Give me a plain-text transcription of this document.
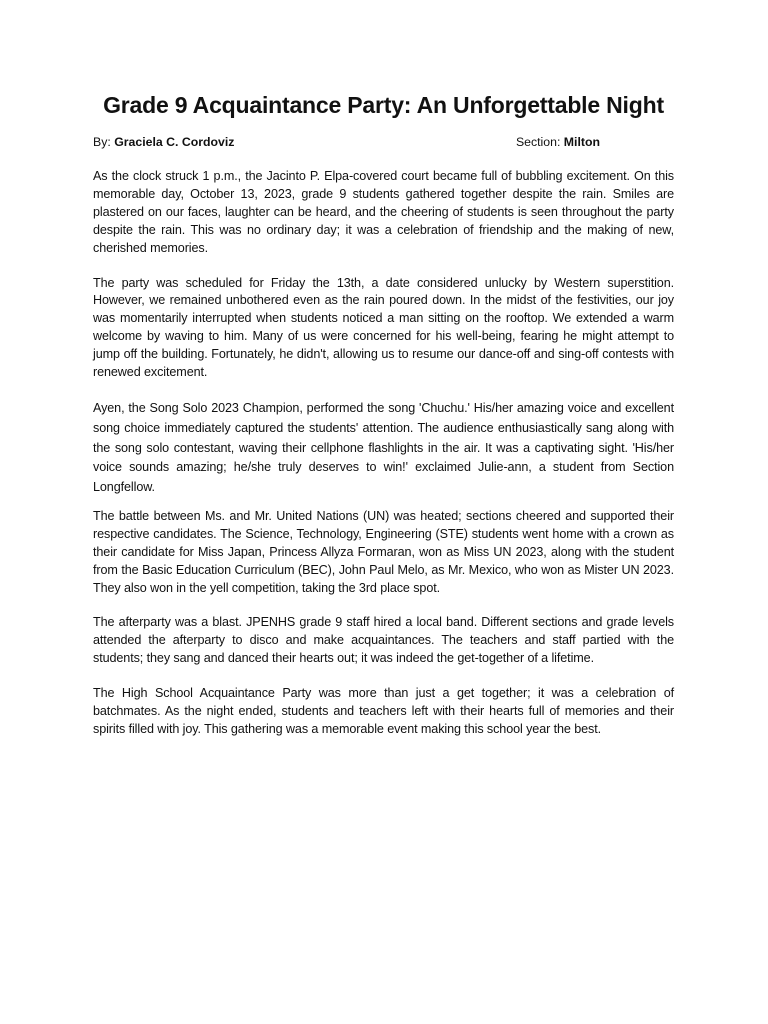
Grade 9 Acquaintance Party: An Unforgettable Night
By: Graciela C. Cordoviz	Section: Milton

As the clock struck 1 p.m., the Jacinto P. Elpa-covered court became full of bubbling excitement. On this memorable day, October 13, 2023, grade 9 students gathered together despite the rain. Smiles are plastered on our faces, laughter can be heard, and the cheering of students is seen throughout the party despite the rain. This was no ordinary day; it was a celebration of friendship and the making of new, cherished memories.

The party was scheduled for Friday the 13th, a date considered unlucky by Western superstition. However, we remained unbothered even as the rain poured down. In the midst of the festivities, our joy was momentarily interrupted when students noticed a man sitting on the rooftop. We extended a warm welcome by waving to him. Many of us were concerned for his well-being, fearing he might attempt to jump off the building. Fortunately, he didn't, allowing us to resume our dance-off and sing-off contests with renewed excitement.

Ayen, the Song Solo 2023 Champion, performed the song 'Chuchu.' His/her amazing voice and excellent song choice immediately captured the students' attention. The audience enthusiastically sang along with the song solo contestant, waving their cellphone flashlights in the air. It was a captivating sight. 'His/her voice sounds amazing; he/she truly deserves to win!' exclaimed Julie-ann, a student from Section Longfellow.

The battle between Ms. and Mr. United Nations (UN) was heated; sections cheered and supported their respective candidates. The Science, Technology, Engineering (STE) students went home with a crown as their candidate for Miss Japan, Princess Allyza Formaran, won as Miss UN 2023, along with the student from the Basic Education Curriculum (BEC), John Paul Melo, as Mr. Mexico, who won as Mister UN 2023. They also won in the yell competition, taking the 3rd place spot.

The afterparty was a blast. JPENHS grade 9 staff hired a local band. Different sections and grade levels attended the afterparty to disco and make acquaintances. The teachers and staff partied with the students; they sang and danced their hearts out; it was indeed the get-together of a lifetime.

The High School Acquaintance Party was more than just a get together; it was a celebration of batchmates. As the night ended, students and teachers left with their hearts full of memories and their spirits filled with joy. This gathering was a memorable event making this school year the best.
